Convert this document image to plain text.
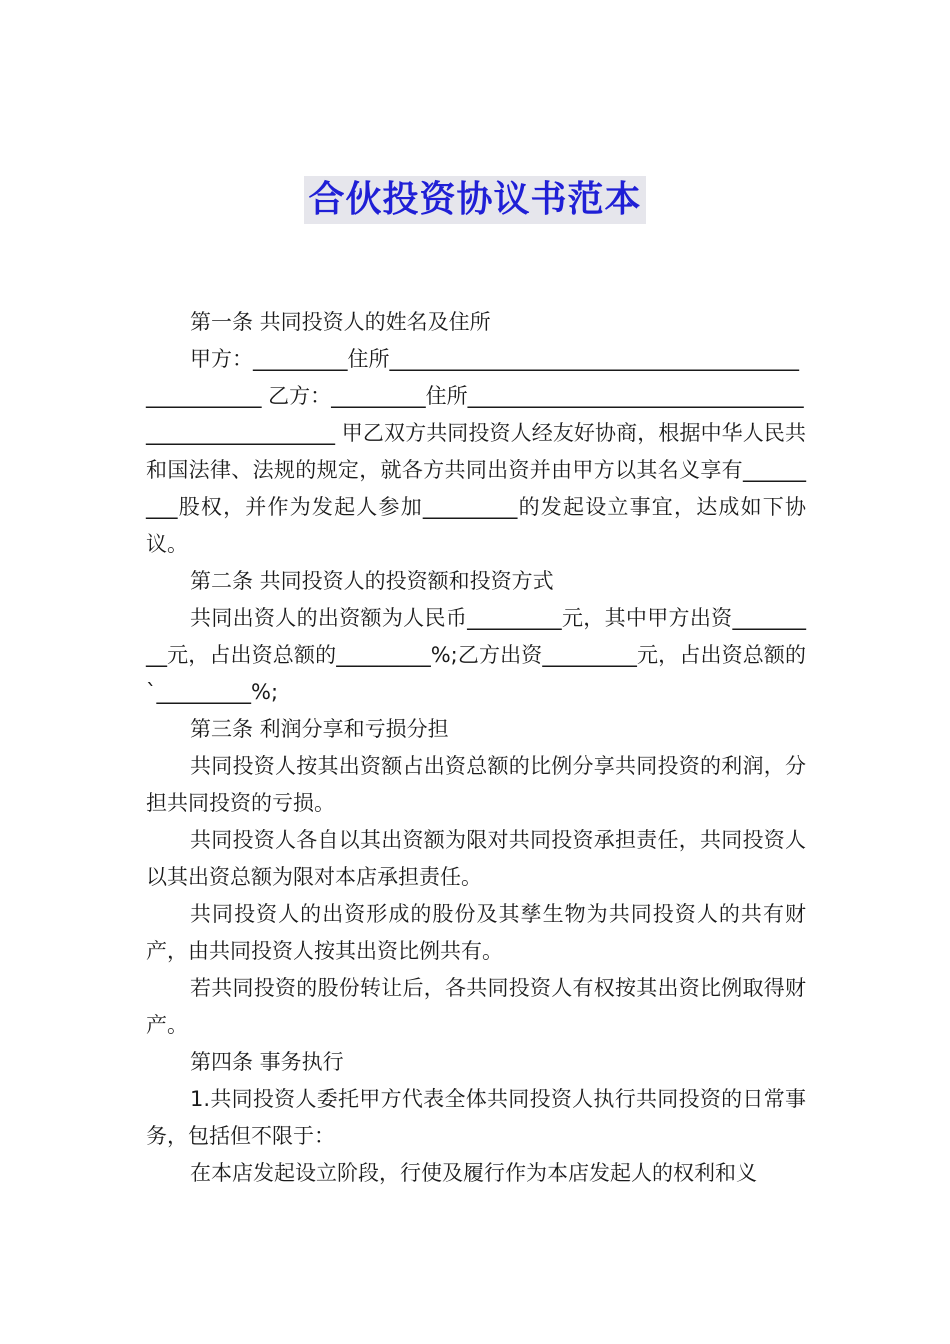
合伙投资协议书范本

第一条 共同投资人的姓名及住所

甲方：_________住所_______________________________________

___________ 乙方：_________住所________________________________

__________________ 甲乙双方共同投资人经友好协商，根据中华人民共和国法律、法规的规定，就各方共同出资并由甲方以其名义享有_________股权，并作为发起人参加_________的发起设立事宜，达成如下协议。

第二条 共同投资人的投资额和投资方式

共同出资人的出资额为人民币_________元，其中甲方出资_________元，占出资总额的_________%;乙方出资_________元，占出资总额的`_________%;

第三条 利润分享和亏损分担

共同投资人按其出资额占出资总额的比例分享共同投资的利润，分担共同投资的亏损。

共同投资人各自以其出资额为限对共同投资承担责任，共同投资人以其出资总额为限对本店承担责任。

共同投资人的出资形成的股份及其孳生物为共同投资人的共有财产，由共同投资人按其出资比例共有。

若共同投资的股份转让后，各共同投资人有权按其出资比例取得财产。

第四条 事务执行

1.共同投资人委托甲方代表全体共同投资人执行共同投资的日常事务，包括但不限于：

在本店发起设立阶段，行使及履行作为本店发起人的权利和义
